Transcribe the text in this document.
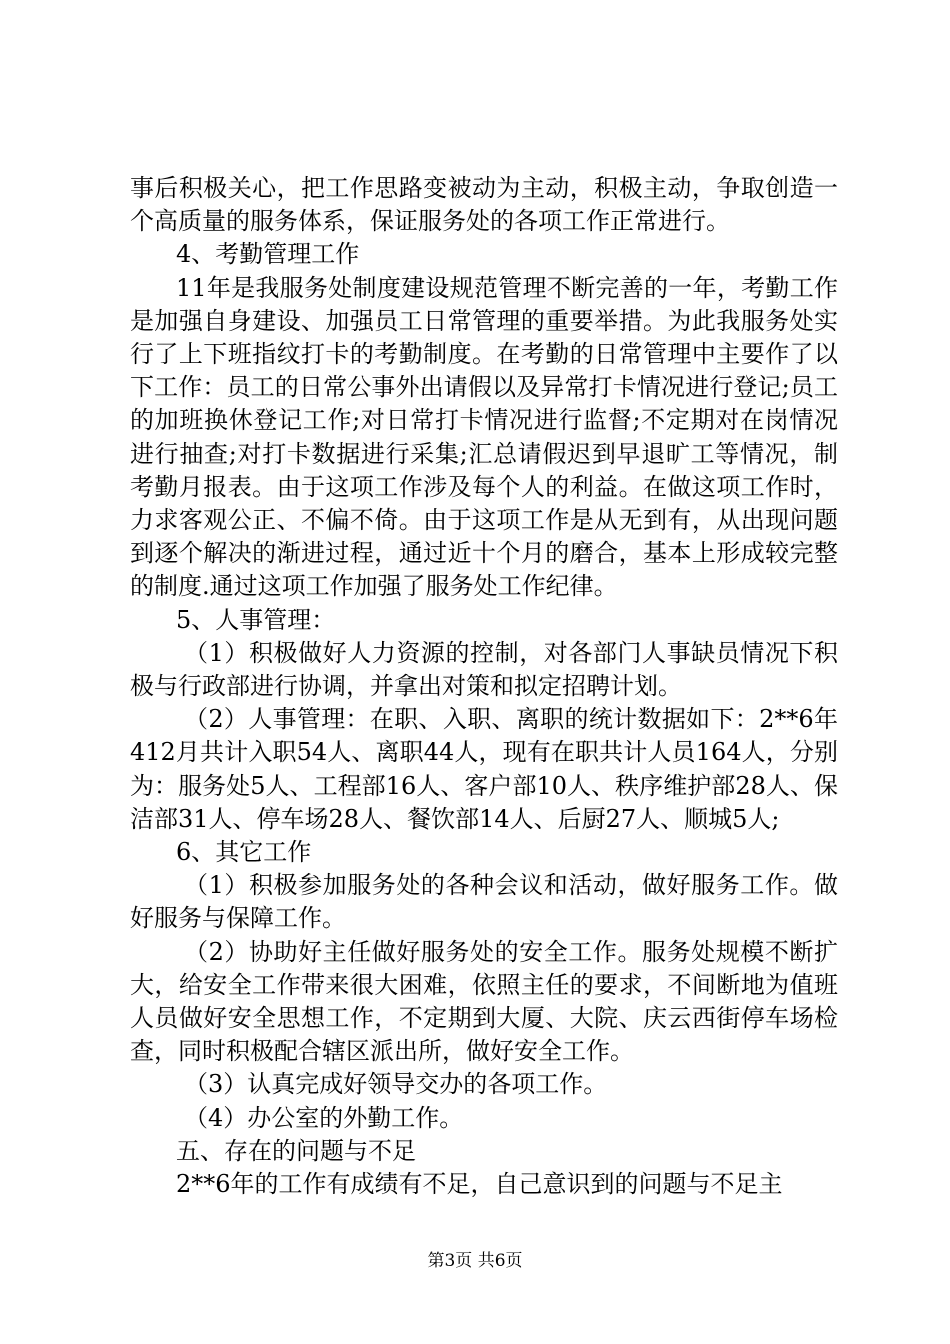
事后积极关心，把工作思路变被动为主动，积极主动，争取创造一个高质量的服务体系，保证服务处的各项工作正常进行。

4、考勤管理工作

11年是我服务处制度建设规范管理不断完善的一年，考勤工作是加强自身建设、加强员工日常管理的重要举措。为此我服务处实行了上下班指纹打卡的考勤制度。在考勤的日常管理中主要作了以下工作：员工的日常公事外出请假以及异常打卡情况进行登记;员工的加班换休登记工作;对日常打卡情况进行监督;不定期对在岗情况进行抽查;对打卡数据进行采集;汇总请假迟到早退旷工等情况，制考勤月报表。由于这项工作涉及每个人的利益。在做这项工作时，力求客观公正、不偏不倚。由于这项工作是从无到有，从出现问题到逐个解决的渐进过程，通过近十个月的磨合，基本上形成较完整的制度.通过这项工作加强了服务处工作纪律。

5、人事管理：

（1）积极做好人力资源的控制，对各部门人事缺员情况下积极与行政部进行协调，并拿出对策和拟定招聘计划。

（2）人事管理：在职、入职、离职的统计数据如下：2**6年412月共计入职54人、离职44人，现有在职共计人员164人，分别为：服务处5人、工程部16人、客户部10人、秩序维护部28人、保洁部31人、停车场28人、餐饮部14人、后厨27人、顺城5人;

6、其它工作

（1）积极参加服务处的各种会议和活动，做好服务工作。做好服务与保障工作。

（2）协助好主任做好服务处的安全工作。服务处规模不断扩大，给安全工作带来很大困难，依照主任的要求，不间断地为值班人员做好安全思想工作，不定期到大厦、大院、庆云西街停车场检查，同时积极配合辖区派出所，做好安全工作。

（3）认真完成好领导交办的各项工作。

（4）办公室的外勤工作。

五、存在的问题与不足

2**6年的工作有成绩有不足，自己意识到的问题与不足主

第3页 共6页
